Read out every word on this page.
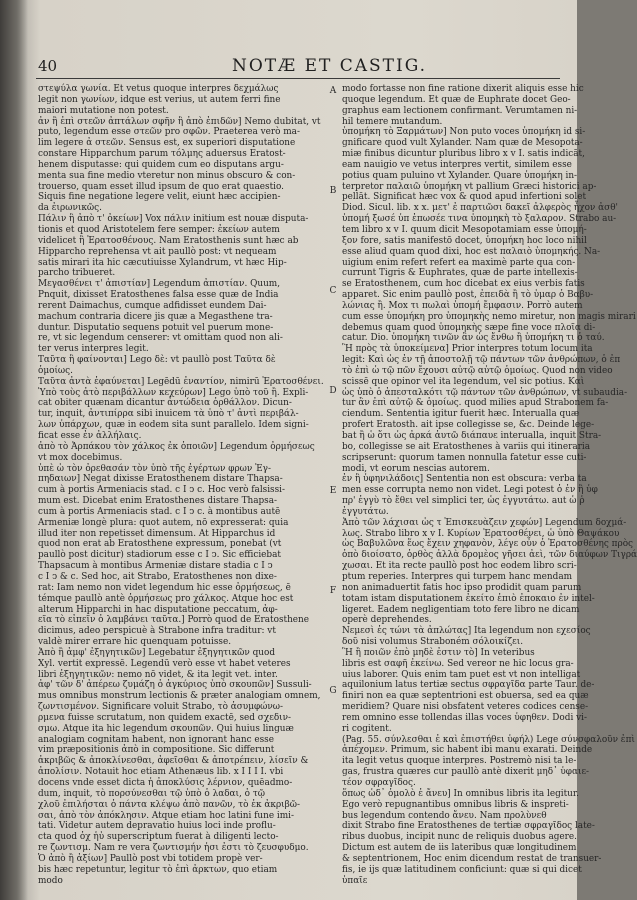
40	NOTÆ ET CASTIG.

στεψύλα γωνία. Et vetus quoque interpres δεχμάλως

legit non γωνίων, idque est verius, ut autem ferri fine

maiori mutatione non potest.

ἀν ἢ ἐπὶ στεῶν ἀπτάλων σφῆν ἢ ἀπὸ ἐπιδῶν] Nemo dubitat, vt

puto, legendum esse στεῶν pro σφῶν. Praeterea verò ma-

lim legere ἀ στεῶν. Sensus est, ex superiori disputatione

constare Hipparchum parum τόλμης aduersus Eratost-

henem disputasse: qui quidem cum eo disputans argu-

menta sua fine medio vteretur non minus obscuro & con-

trouerso, quam esset illud ipsum de quo erat quaestio.

Siquis fine negatione legere velit, eiunt hæc accipien-

da ἐιρωνικῶς.

Πάλιν ἢ ἀπὸ τ' ὀκείων] Vox πάλιν initium est nouæ disputa-

tionis et quod Aristotelem fere semper: ἐκείων autem

videlicet ἢ Ἐρατοσθένους. Nam Eratosthenis sunt hæc ab

Hipparcho reprehensa vt ait paullò post: vt nequeam

satis mirari ita hic cæcutiuisse Xylandrum, vt hæc Hip-

parcho tribueret.

Μεγασθένει τ' ἀπιστίαν] Legendum ἀπιστίαν. Quum,

Pnquit, dixisset Eratosthenes falsa esse quæ de India

rerent Daimachus, cumque adfidisset eundem Dai-

machum contraria dicere jis quæ a Megasthene tra-

duntur. Disputatio sequens potuit vel puerum mone-

re, vt sic legendum censerer: vt omittam quod non ali-

ter verus interpres legit.

Ταῦτα ἢ φαίνονται] Lego δὲ: vt paullò post Ταῦτα δὲ

ὁμοίως.

Ταῦτα ἀντὰ ἐφαύνεται] Legēdū ἐναντίον, nimirū Ἐρατοσθένει.

Ὑπὸ τοὺς ἀτὸ περιβάλλων κεχεύρων] Lego ὑπὸ τοῦ ἢ. Expli-

cat obiter quænam dicantur ἀντώδεια ὀρθάλλον. Dicun-

tur, inquit, ἀντιπίρρα sibi inuicem τὰ ὑπὸ τ' ἀντὶ περιβάλ-

λων ὐπάρχων, quæ in eodem sita sunt parallelo. Idem signi-

ficat esse ἐν ἀλλήλαις.

ἀπὸ τὸ Ἀρπάκου τὸν χάλκος ἐκ ὁποιῶν] Legendum ὀρμήσεως

vt mox docebimus.

ὑπὲ ὡ τὸν ὀρεθασάν τὸν ὑπὸ τῆς ἐγέρτων φρων Ἐγ-

πηδαιων] Negat dixisse Eratosthenem distare Thapsa-

cum à portis Armeniacis stad. c I ↄ c. Hoc verò falsissi-

mum est. Dicebat enim Eratosthenes distare Thapsa-

cum à portis Armeniacis stad. c I ↄ c. à montibus autē

Armeniæ longè plura: quot autem, nō expresserat: quia

illud iter non repetisset dimensum. At Hipparchus id

quod non erat ab Eratosthene expressum, ponebat (vt

paullò post dicitur) stadiorum esse c I ↄ. Sic efficiebat

Thapsacum à montibus Armeniæ distare stadia c I ↄ

c I ↄ & c. Sed hoc, ait Strabo, Eratosthenes non dixe-

rat: Iam nemo non videt legendum hic esse ὀρμήσεως, ē

témque paullò antè ὀρμήσεως pro χάλκος. Atque hoc est

alterum Hipparchi in hac disputatione peccatum, ἀφ-

εῖα τὸ εἰπεῖν ὀ λαμβάνει ταῦτα.] Porrò quod de Eratosthene

dicimus, adeo perspicuè à Strabone infra traditur: vt

valdè mirer errare hic quenquam potuisse.

Ἀπὸ ἢ ἀμφ' ἐξηγητικῶν] Legebatur ἐξηγητικῶν quod

Xyl. vertit expressē. Legendū verò esse vt habet veteres

libri ἐξηγητικῶν: nemo nō videt, & ita legit vet. inter.

ἀφ' τῶν δ' ἀπέρεω ζυμάζη ὁ ἀγκύριος ὑπὸ σκουπῶν] Sussuli-

mus omnibus monstrum lectionis & præter analogiam omnem,

ζωντισμένον. Significare voluit Strabo, τὸ ἀσυμφώνω-

ρμενα fuisse scrutatum, non quidem exactē, sed σχεδιν-

σμω. Atque ita hic legendum σκουπῶν. Qui huius linguæ

analogiam cognitam habent, non ignorant hanc esse

vim præpositionis ἀπὸ in compositione. Sic differunt

ἀκριβῶς & ἀποκλίνεσθαι, ἀφεῖσθαι & ἀποτρέπειν, λίσεῖν &

ἀπολίσιν. Notauit hoc etiam Athenæus lib. x I I I I. vbi

docens vnde esset dicta ἡ ἀποκλύσις λέρνιον, quēadmo-

dum, inquit, τὸ πορσύνεσθαι τῷ ὑπὸ ὁ λαδαι, ὁ τῷ

χλοῦ ἐπιλήσται ὁ πάντα κλέψω ἀπὸ πανῶν, τὸ ἐκ ἀκριβῶ-

σαι, ἀπὸ τὸν ἀπόκλησιν. Atque etiam hoc latini fune imi-

tati. Videtur autem depravatio huius loci inde proflu-

cta quod ὀχ ἡὐ superscriptum fuerat à diligenti lecto-

re ζωντισμ. Nam re vera ζωντισμήν ἡσι ἐστι τὸ ζευσφυδμο.

Ὁ ἀπὸ ἢ ἁξίων] Paullò post vbi totidem propè ver-

bis hæc repetuntur, legitur τὸ ἐπὶ ἀρκτων, quo etiam

modo

A
B
C
D
E
F
G

modo fortasse non fine ratione dixerit aliquis esse hic

quoque legendum. Et quæ de Euphrate docet Geo-

graphus eam lectionem confirmant. Verumtamen ni-

hil temere mutandum.

ὑπομήκη τὸ Ξαρμάτων] Non puto voces ὑπομήκη id si-

gnificare quod vult Xylander. Nam quæ de Mesopota-

miæ finibus dicuntur pluribus libro x v I. satis indicāt,

eam nauigio ve vetus interpres vertit, similem esse

potius quam puluino vt Xylander. Quare ὑπομήκη in-

terpretor παλαιῶ ὑπομήκη vt pallium Græci historici ap-

pellāt. Significat hæc vox & quod apud infertioni solet

Diod. Sicul. lib. x x. μετ' ἐ παρτιῶσι δακεῖ ἀλφερὸς ἦχον ἀσθ'

ὑπομή ξωσέ ὑπ ἑπωσέε τινα ὑπομηκὴ τὸ ξαλαρον. Strabo au-

tem libro x v I. quum dicit Mesopotamiam esse ὑπομή-

ξον fore, satis manifestō docet, ὑπομήκη hoc loco nihil

esse aliud quam quod dixi, hoc est παλαιὸ ὑπομηκής. Na-

uigium enim refert refert ea maximè parte qua con-

currunt Tigris & Euphrates, quæ de parte intellexis-

se Eratosthenem, cum hoc dicebat ex eius verbis fatis

apparet. Sic enim paullò post, ἐπειδὰ ἢ τὸ ὑμαρ ὁ Βαβυ-

λώνιας ἢ. Mox τι πωλαὶ ὑπομή ἔμφασιν. Porrò autem

cum esse ὑπομήκη pro ὑπομηκὴς nemo miretur, non magis mirari

debemus quam quod ὑπομηκὴς sæpe fine voce πλοῖα di-

catur. Dio. ὑπομήκη τινῶν ἂν ὡς ἔνθω ἢ ὑπομήκη τι ὁ ταύ.

Ἢ πρὸς τὰ ὑποκείμενα] Prior interpres totum locum ita

legit: Καὶ ὡς ἐν τῇ ἀποστολῇ τῷ πάντων τῶν ἀνθρώπων, ὁ ἐπ

τὸ ἐπὶ ὡ τῷ πῶν ἔχουσι αὐτῷ αὐτῷ ὁμοίως. Quod non video

scissē que opinor vel ita legendum, vel sic potius. Καὶ

ὡς ὑπὸ ὁ ἀπεσταλκότι τῷ πάντων τῶν ἀνθρώπων, vt subaudia-

tur ἂν ἐπὶ αὐτῷ & ὁμοίως. quod milies apud Strabonem fa-

ciendum. Sententia igitur fuerit hæc. Interualla quæ

profert Eratosth. ait ipse collegisse se, &c. Deinde lege-

bat ἢ ὡ ὅτι ὡς ἀρκά ἀυτῶ διάπαυε interualla, inquit Stra-

bo, collegisse se ait Eratosthenes à variis qui itineraria

scripserunt: quorum tamen nonnulla fatetur esse cuti-

modi, vt eorum nescias autorem.

ἐν ἢ ὑφηνιλάδοις] Sententia non est obscura: verba ta

men esse corrupta nemo non videt. Legi potest ὁ ἐν ἢ ὑφ

πρ' ἐγγὺ τὸ ἔθει vel simplici ter, ὡς ἐγγυτάτω. aut ὡ ῥ

ἐγγυτάτω.

Ἀπὸ τῶν λάχισαι ὡς τ Ἐπισκευὰζειν χεφών] Legendum δοχμά-

λως. Strabo libro x v I. Κυρίων Ἐρατοσθένει, ὡ ὑπὸ Θαψάκου

ὡς Βαβυλῶνα ἕως ἔχειν χηφανὸν, λέγε οὖν ὁ Ἐρατοσθένης πρὸς

ὀπὸ διοίσατο, ὀρθὸς ἀλλὰ δρομὲος γῆσει ἀεὶ, τῶν διαύφων Τιγρά

χωσαι. Et ita recte paullò post hoc eodem libro scri-

ptum reperies. Interpres qui turpem hanc mendam

non animaduertit fatis hoc ipso prodidit quam parum

totam istam disputationem ἐκείτο ἐπιὸ ἐποκαιο ἐν intel-

ligeret. Eadem negligentiam toto fere libro ne dicam

operè deprehendes.

Νεμεσὶ ἐς τώνι τὰ ἀπλώτας] Ita legendum non εχεσίος

δοῦ nisi volumus Straboném σόλοικίζει.

Ἢ ἢ ποιῶν ἐπὸ μηδὲ ἐστιν τὸ] In veteribus

libris est σαφῆ ἐκείνω. Sed vereor ne hic locus gra-

uius laborer. Quis enim tam puet est vt non intelligat

aquilonium latus tertiæ sectus σφραγῖδα parte Taur. de-

finiri non ea quæ septentrioni est obuersa, sed ea quæ

meridiem? Quare nisi obsfatent veteres codices cense-

rem omnino esse tollendas illas voces ὑφηθεν. Dodi vi-

ri cogitent.

(Pag. 55. σύνλεσθαι ἐ καὶ ἐπιστήθει ὑφήλ) Lege σύνσφαλοῦν ἐπὶ

ἀπέχομεν. Primum, sic habent ibi manu exarati. Deinde

ita legit vetus quoque interpres. Postremò nisi ta le-

gas, frustra quæres cur paullò antè dixerit μηδ᾽ ὑφαιε-

τέον σφραγῖδος.

ὅπως ὡδ᾽ ὁμολὸ ἐ ἄνευ] In omnibus libris ita legitur.

Ego verò repugnantibus omnibus libris & inspreti-

bus legendum contendo ἄνευ. Nam προλὺνεθ

dixit Strabo fine Eratosthenes de tertiæ σφραγῖδος late-

ribus duobus, incipit nunc de reliquis duobus agere.

Dictum est autem de iis lateribus quæ longitudinem

& septentrionem, Hoc enim dicendum restat de transuer-

fis, ie ijs quæ latitudinem conficiunt: quæ si qui dicet

ὑπαῖε
